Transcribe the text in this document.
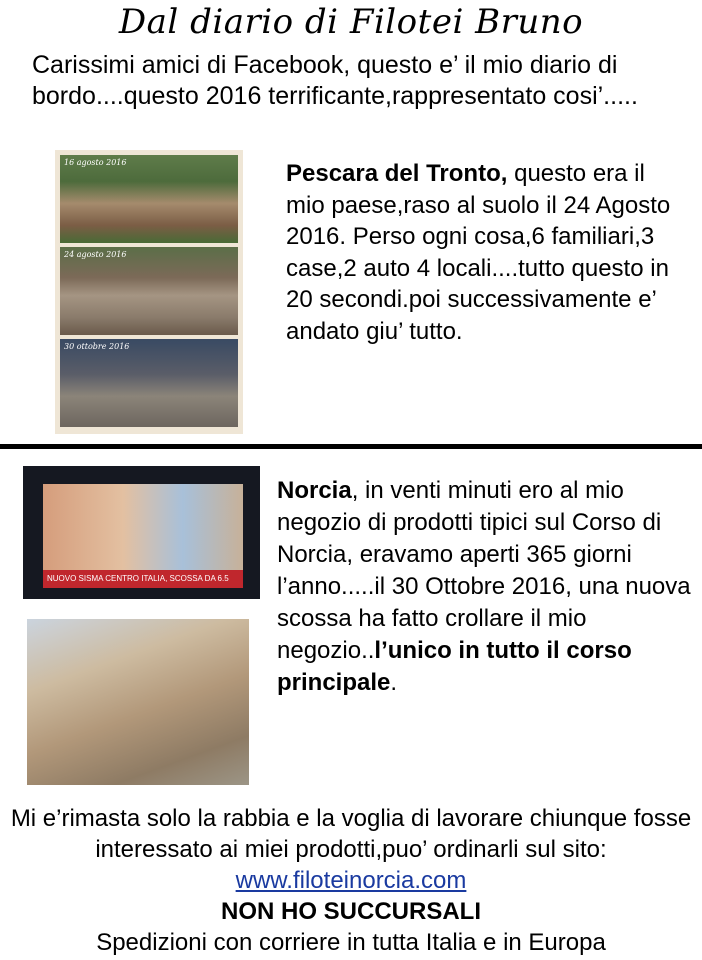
Dal diario di Filotei Bruno
Carissimi amici di Facebook, questo e’ il mio diario di bordo....questo 2016 terrificante,rappresentato cosi’.....
16 agosto 2016
24 agosto 2016
30 ottobre 2016
Pescara del Tronto, questo era il mio paese,raso al suolo il 24 Agosto 2016. Perso ogni cosa,6 familiari,3 case,2 auto 4 locali....tutto questo in 20 secondi.poi successivamente e’ andato giu’ tutto.
NUOVO SISMA CENTRO ITALIA, SCOSSA DA 6.5
Norcia, in venti minuti ero al mio negozio di prodotti tipici sul Corso di Norcia, eravamo aperti 365 giorni l’anno.....il 30 Ottobre 2016, una nuova scossa ha fatto crollare il mio negozio..l’unico in tutto il corso principale.
Mi e’rimasta solo la rabbia e la voglia di lavorare chiunque fosse interessato ai miei prodotti,puo’ ordinarli sul sito: www.filoteinorcia.com
NON HO SUCCURSALI
Spedizioni con corriere in tutta Italia e in Europa
